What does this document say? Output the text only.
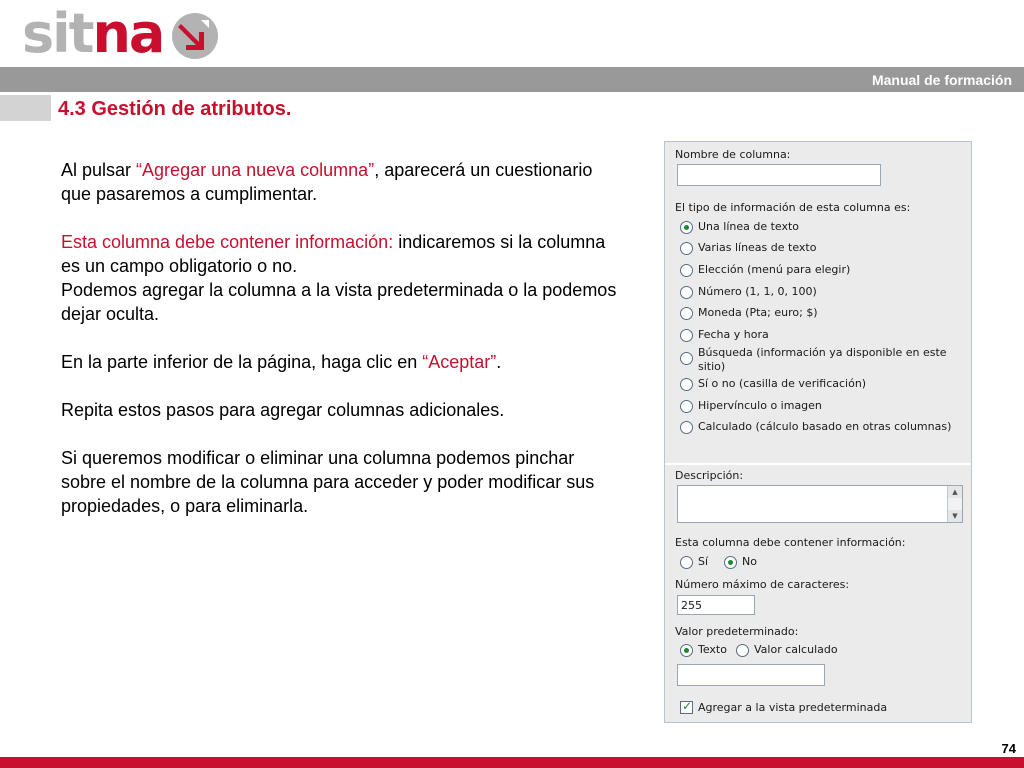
sitna
Manual de formación
4.3 Gestión de atributos.

Al pulsar “Agregar una nueva columna”, aparecerá un cuestionario que pasaremos a cumplimentar.

Esta columna debe contener información: indicaremos si la columna es un campo obligatorio o no.

Podemos agregar la columna a la vista predeterminada o la podemos dejar oculta.

En la parte inferior de la página, haga clic en “Aceptar”.

Repita estos pasos para agregar columnas adicionales.

Si queremos modificar o eliminar una columna podemos pinchar sobre el nombre de la columna para acceder y poder modificar sus propiedades, o para eliminarla.

Nombre de columna:
El tipo de información de esta columna es:
Una línea de texto
Varias líneas de texto
Elección (menú para elegir)
Número (1, 1, 0, 100)
Moneda (Pta; euro; $)
Fecha y hora
Búsqueda (información ya disponible en este sitio)
Sí o no (casilla de verificación)
Hipervínculo o imagen
Calculado (cálculo basado en otras columnas)
Descripción:
▲
▼
Esta columna debe contener información:
Sí	No
Número máximo de caracteres:
255
Valor predeterminado:
Texto Valor calculado
✓
Agregar a la vista predeterminada
74
